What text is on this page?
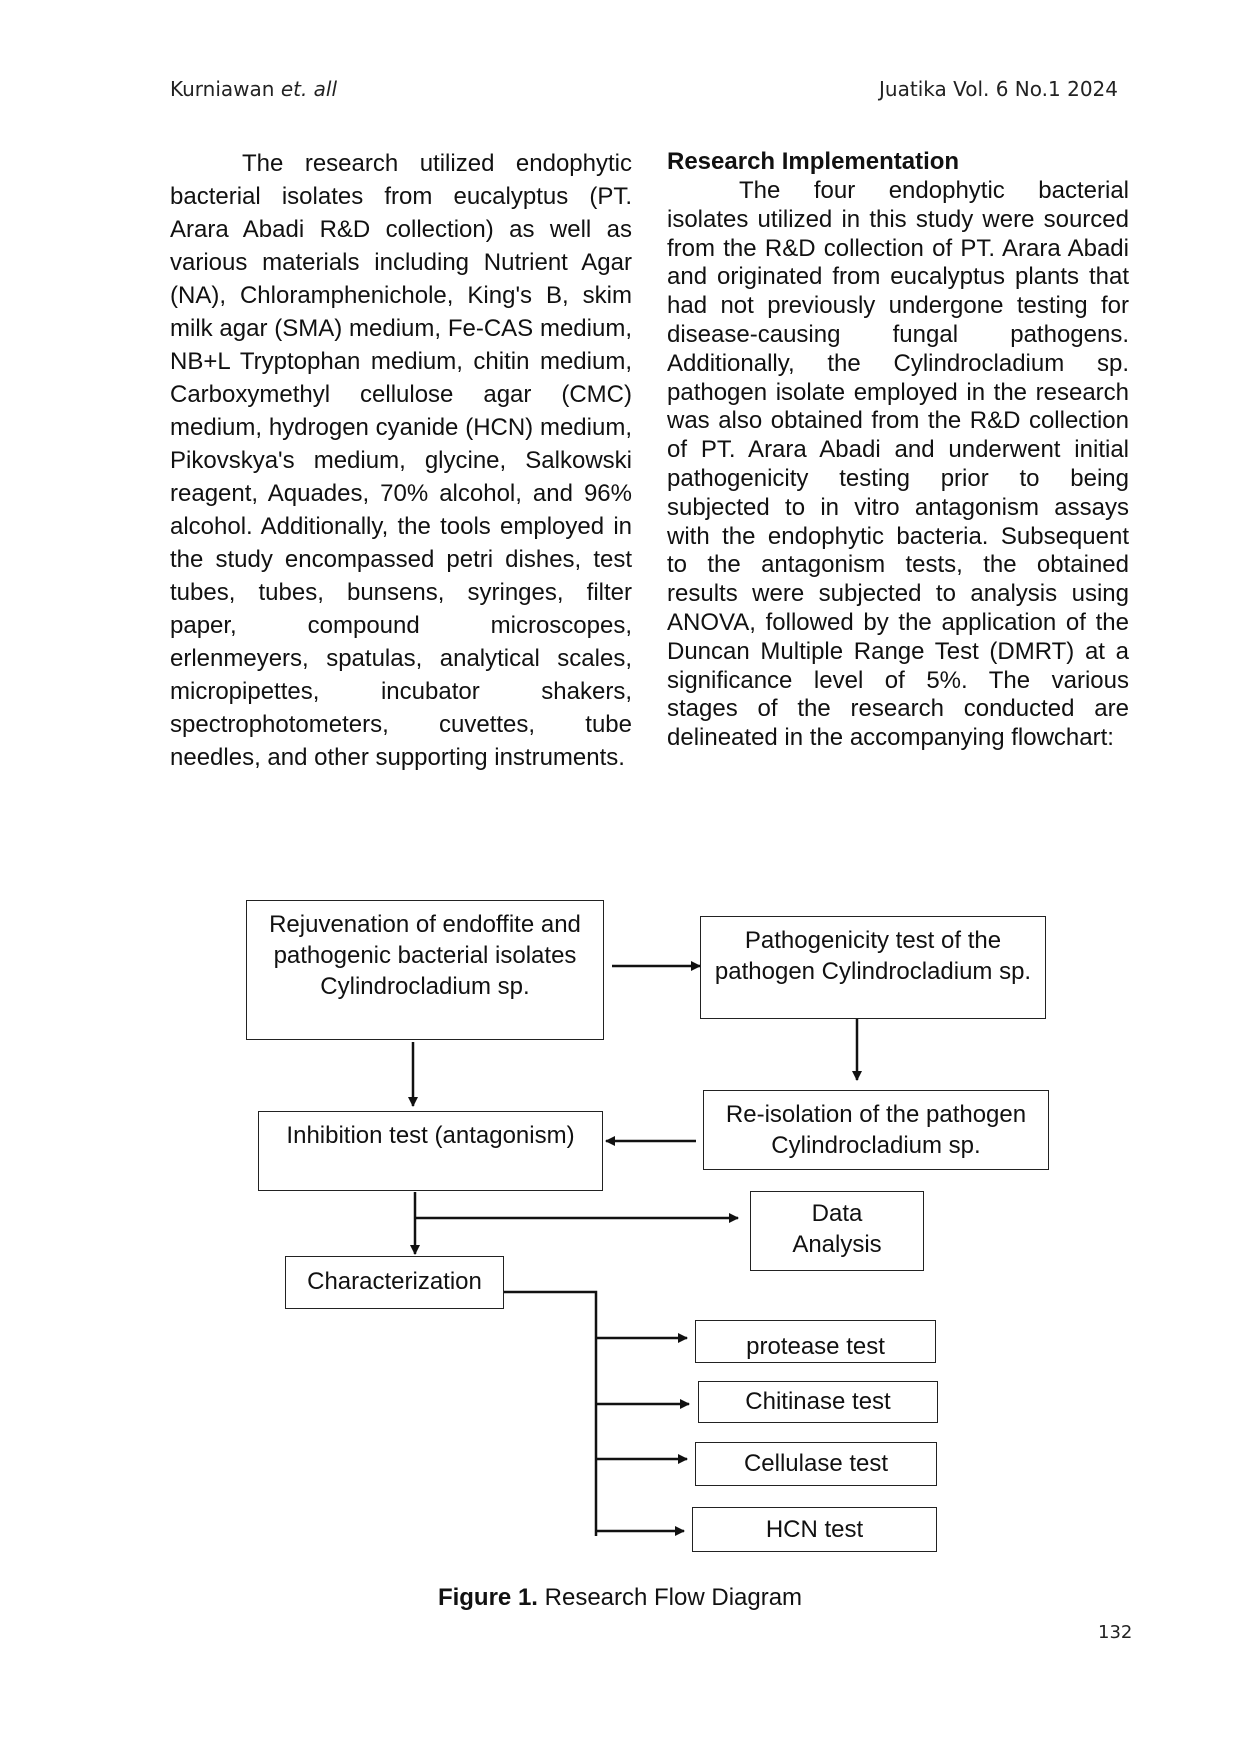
Kurniawan et. all	Juatika Vol. 6 No.1 2024

The research utilized endophytic bacterial isolates from eucalyptus (PT. Arara Abadi R&D collection) as well as various materials including Nutrient Agar (NA), Chloramphenichole, King's B, skim milk agar (SMA) medium, Fe-CAS medium, NB+L Tryptophan medium, chitin medium, Carboxymethyl cellulose agar (CMC) medium, hydrogen cyanide (HCN) medium, Pikovskya's medium, glycine, Salkowski reagent, Aquades, 70% alcohol, and 96% alcohol. Additionally, the tools employed in the study encompassed petri dishes, test tubes, tubes, bunsens, syringes, filter paper, compound microscopes, erlenmeyers, spatulas, analytical scales, micropipettes, incubator shakers, spectrophotometers, cuvettes, tube needles, and other supporting instruments.

Research Implementation

The four endophytic bacterial isolates utilized in this study were sourced from the R&D collection of PT. Arara Abadi and originated from eucalyptus plants that had not previously undergone testing for disease-causing fungal pathogens. Additionally, the Cylindrocladium sp. pathogen isolate employed in the research was also obtained from the R&D collection of PT. Arara Abadi and underwent initial pathogenicity testing prior to being subjected to in vitro antagonism assays with the endophytic bacteria. Subsequent to the antagonism tests, the obtained results were subjected to analysis using ANOVA, followed by the application of the Duncan Multiple Range Test (DMRT) at a significance level of 5%. The various stages of the research conducted are delineated in the accompanying flowchart:

Rejuvenation of endoffite and pathogenic bacterial isolates Cylindrocladium sp.
Pathogenicity test of the pathogen Cylindrocladium sp.
Re-isolation of the pathogen Cylindrocladium sp.
Inhibition test (antagonism)
Data Analysis
Characterization
protease test
Chitinase test
Cellulase test
HCN test
Figure 1. Research Flow Diagram
132
